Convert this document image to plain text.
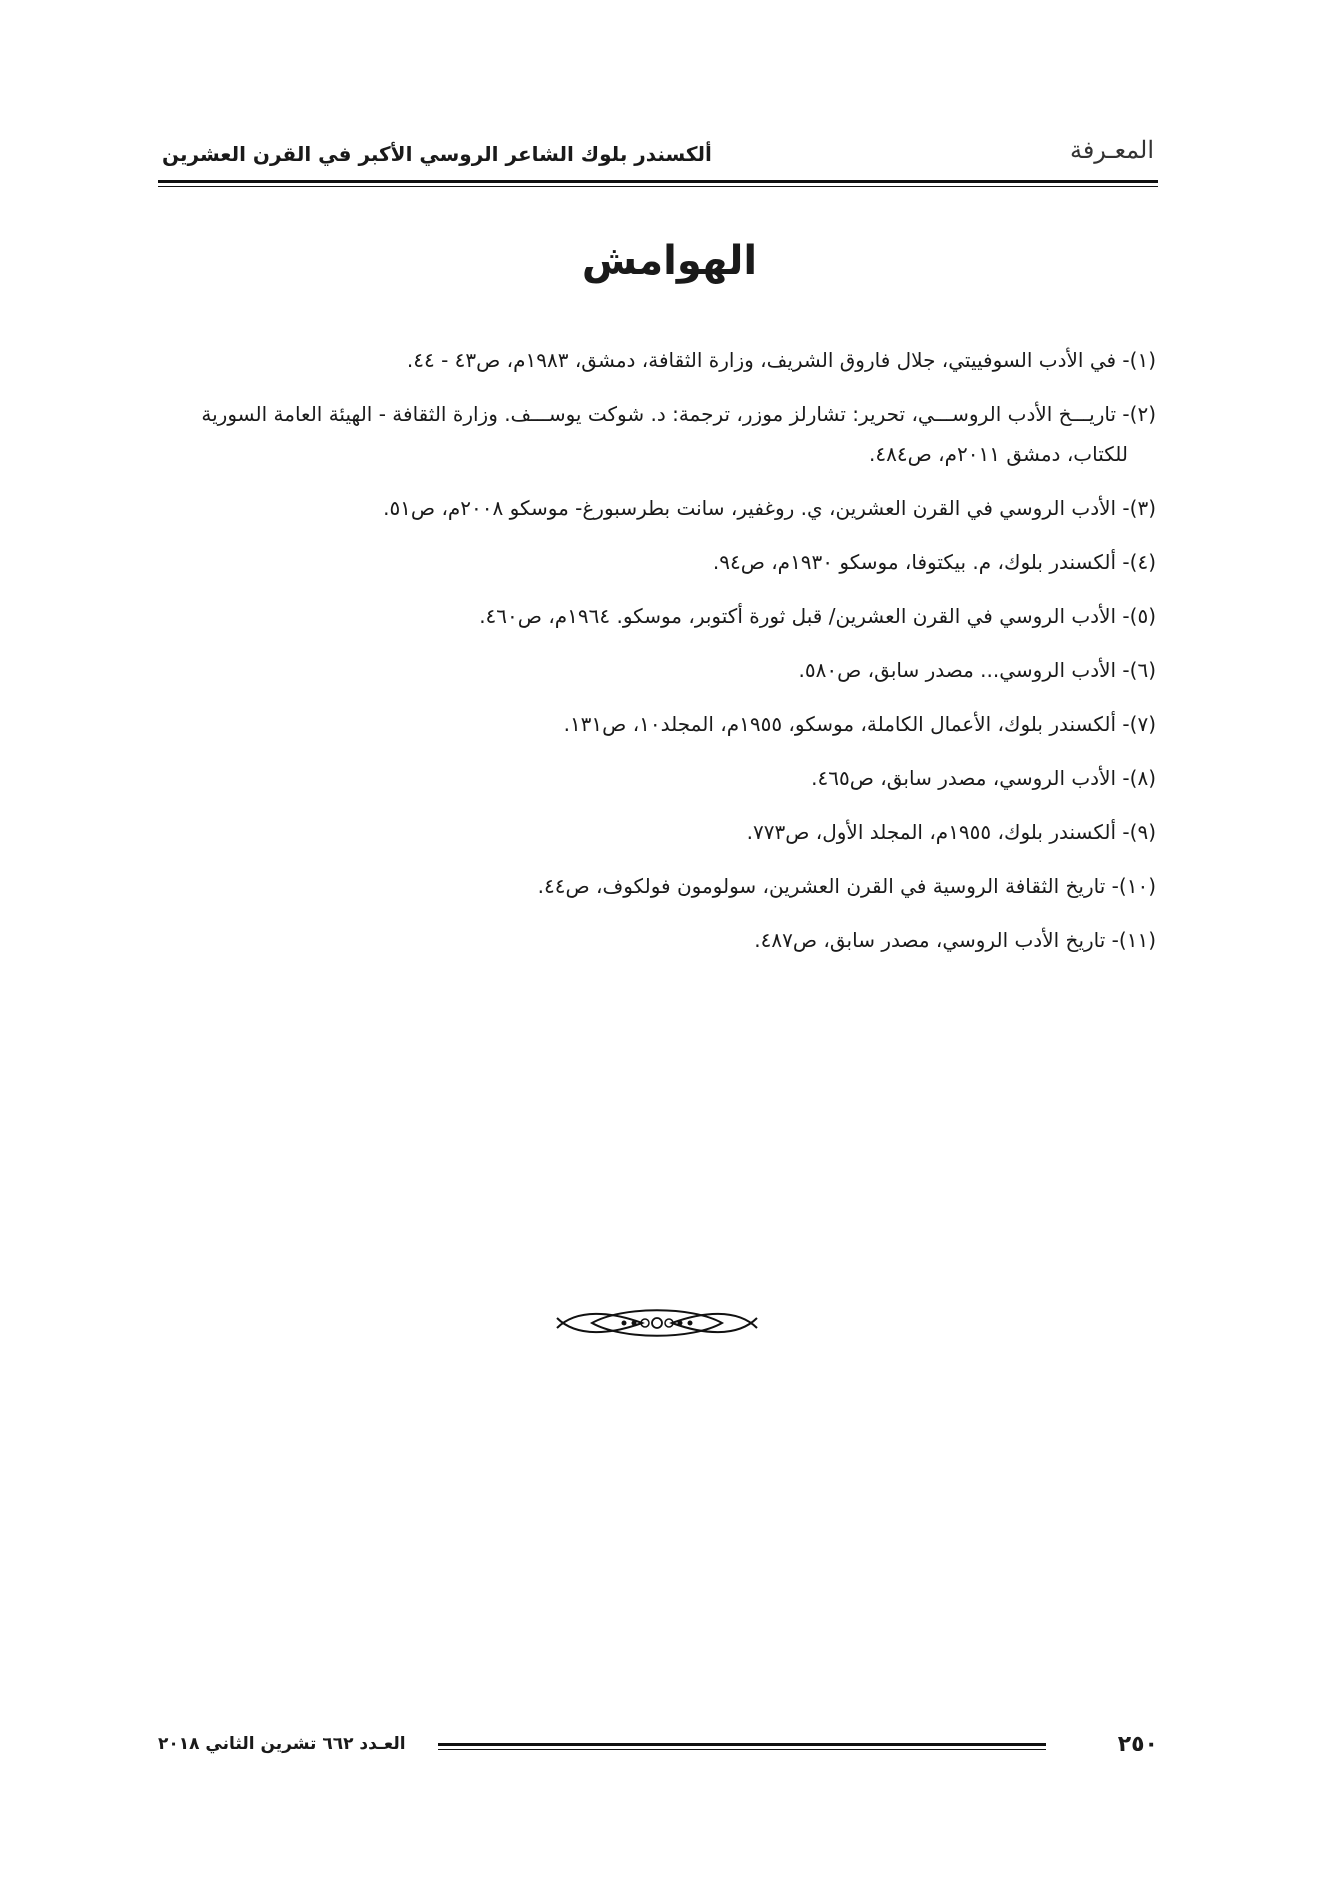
المعـرفة
ألكسندر بلوك الشاعر الروسي الأكبر في القرن العشرين
الهوامش

(١)- في الأدب السوفييتي، جلال فاروق الشريف، وزارة الثقافة، دمشق، ١٩٨٣م، ص٤٣ - ٤٤.

(٢)- تاريـــخ الأدب الروســـي، تحرير: تشارلز موزر، ترجمة: د. شوكت يوســـف. وزارة الثقافة - الهيئة العامة السورية للكتاب، دمشق ٢٠١١م، ص٤٨٤.

(٣)- الأدب الروسي في القرن العشرين، ي. روغفير، سانت بطرسبورغ- موسكو ٢٠٠٨م، ص٥١.

(٤)- ألكسندر بلوك، م. بيكتوفا، موسكو ١٩٣٠م، ص٩٤.

(٥)- الأدب الروسي في القرن العشرين/ قبل ثورة أكتوبر، موسكو. ١٩٦٤م، ص٤٦٠.

(٦)- الأدب الروسي... مصدر سابق، ص٥٨٠.

(٧)- ألكسندر بلوك، الأعمال الكاملة، موسكو، ١٩٥٥م، المجلد١٠، ص١٣١.

(٨)- الأدب الروسي، مصدر سابق، ص٤٦٥.

(٩)- ألكسندر بلوك، ١٩٥٥م، المجلد الأول، ص٧٧٣.

(١٠)- تاريخ الثقافة الروسية في القرن العشرين، سولومون فولكوف، ص٤٤.

(١١)- تاريخ الأدب الروسي، مصدر سابق، ص٤٨٧.

٢٥٠
العـدد ٦٦٢ تشرين الثاني ٢٠١٨
